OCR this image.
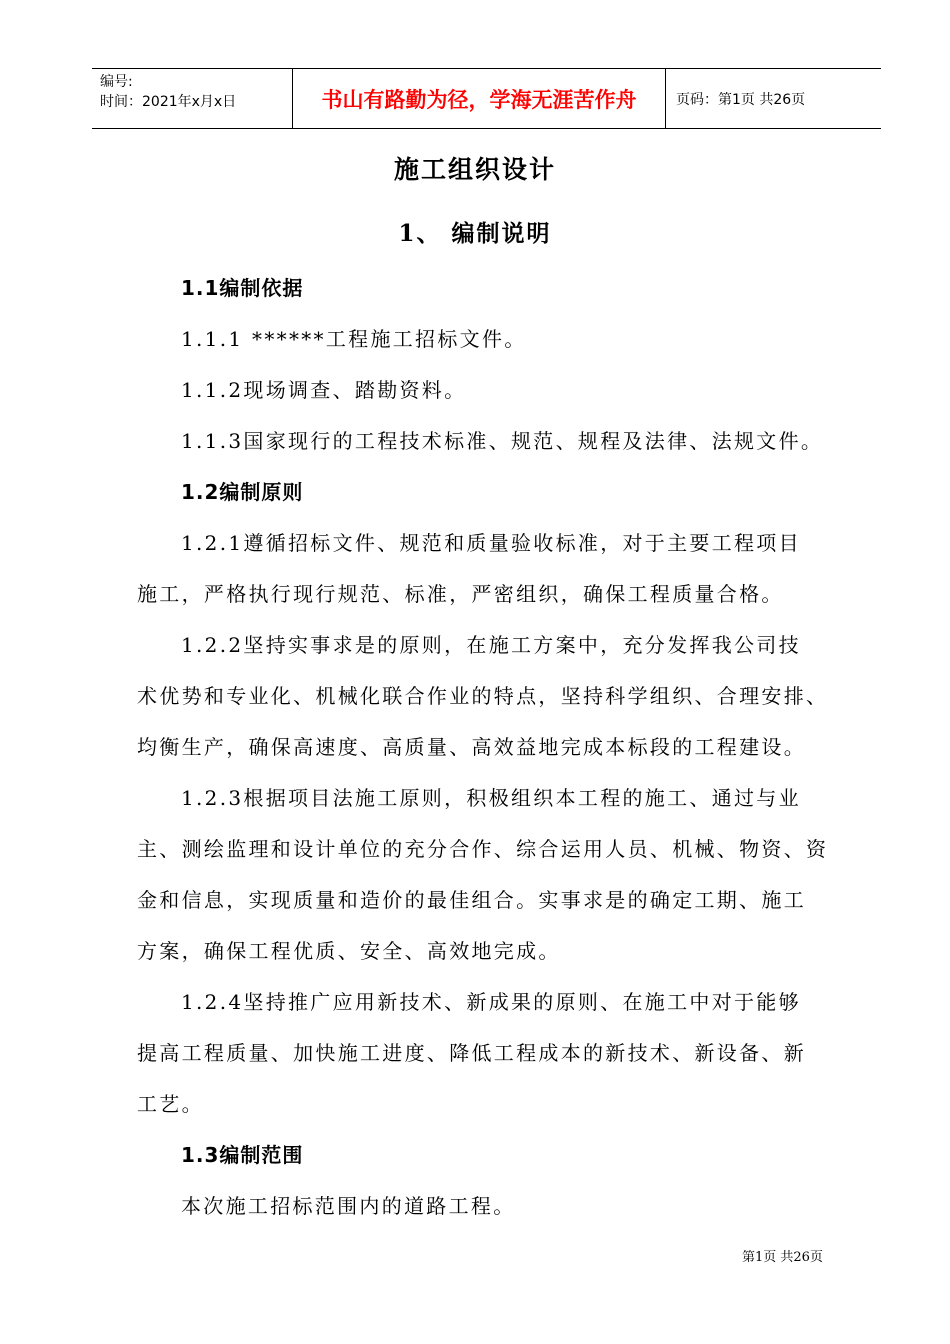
编号:
时间：2021年x月x日	书山有路勤为径，学海无涯苦作舟	页码：第1页 共26页
施工组织设计
1、 编制说明
1.1编制依据
1.1.1 ******工程施工招标文件。
1.1.2现场调查、踏勘资料。
1.1.3国家现行的工程技术标准、规范、规程及法律、法规文件。
1.2编制原则
1.2.1遵循招标文件、规范和质量验收标准，对于主要工程项目
施工，严格执行现行规范、标准，严密组织，确保工程质量合格。
1.2.2坚持实事求是的原则，在施工方案中，充分发挥我公司技
术优势和专业化、机械化联合作业的特点，坚持科学组织、合理安排、
均衡生产，确保高速度、高质量、高效益地完成本标段的工程建设。
1.2.3根据项目法施工原则，积极组织本工程的施工、通过与业
主、测绘监理和设计单位的充分合作、综合运用人员、机械、物资、资
金和信息，实现质量和造价的最佳组合。实事求是的确定工期、施工
方案，确保工程优质、安全、高效地完成。
1.2.4坚持推广应用新技术、新成果的原则、在施工中对于能够
提高工程质量、加快施工进度、降低工程成本的新技术、新设备、新
工艺。
1.3编制范围
本次施工招标范围内的道路工程。
第1页 共26页
